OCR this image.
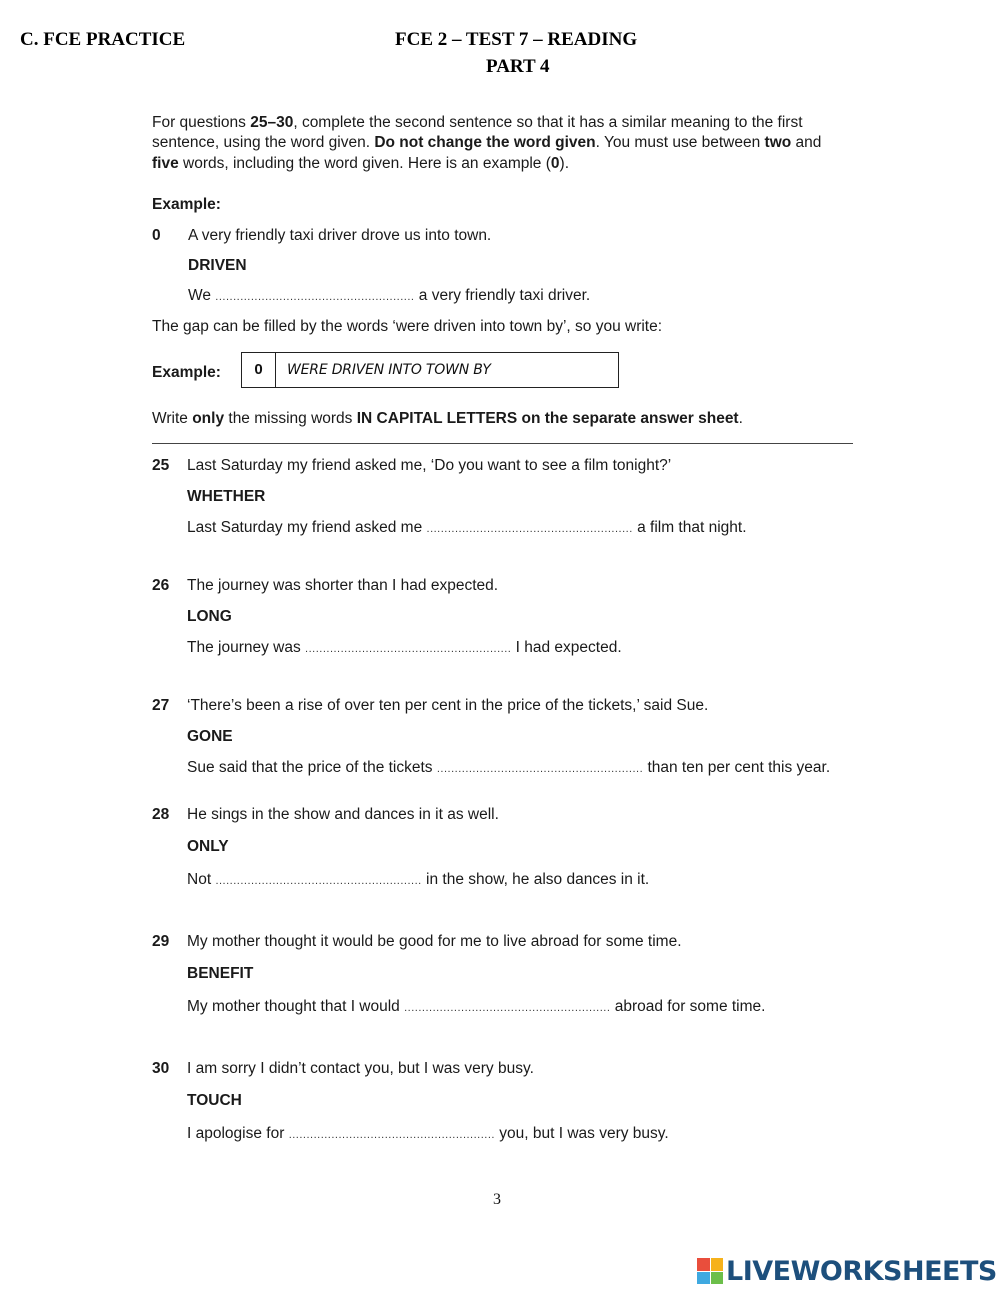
C. FCE PRACTICE	FCE 2 – TEST 7 – READING
PART 4
For questions 25–30, complete the second sentence so that it has a similar meaning to the first
sentence, using the word given. Do not change the word given. You must use between two and
five words, including the word given. Here is an example (0).
Example:
0 A very friendly taxi driver drove us into town.
DRIVEN
We ........................................................ a very friendly taxi driver.
The gap can be filled by the words ‘were driven into town by’, so you write:
Example:	0	WERE DRIVEN INTO TOWN BY
Write only the missing words IN CAPITAL LETTERS on the separate answer sheet.
25 Last Saturday my friend asked me, ‘Do you want to see a film tonight?’
WHETHER
Last Saturday my friend asked me .......................................................... a film that night.
26 The journey was shorter than I had expected.
LONG
The journey was .......................................................... I had expected.
27 ‘There’s been a rise of over ten per cent in the price of the tickets,’ said Sue.
GONE
Sue said that the price of the tickets .......................................................... than ten per cent this year.
28 He sings in the show and dances in it as well.
ONLY
Not .......................................................... in the show, he also dances in it.
29 My mother thought it would be good for me to live abroad for some time.
BENEFIT
My mother thought that I would .......................................................... abroad for some time.
30 I am sorry I didn’t contact you, but I was very busy.
TOUCH
I apologise for .......................................................... you, but I was very busy.
3
LIVEWORKSHEETS
